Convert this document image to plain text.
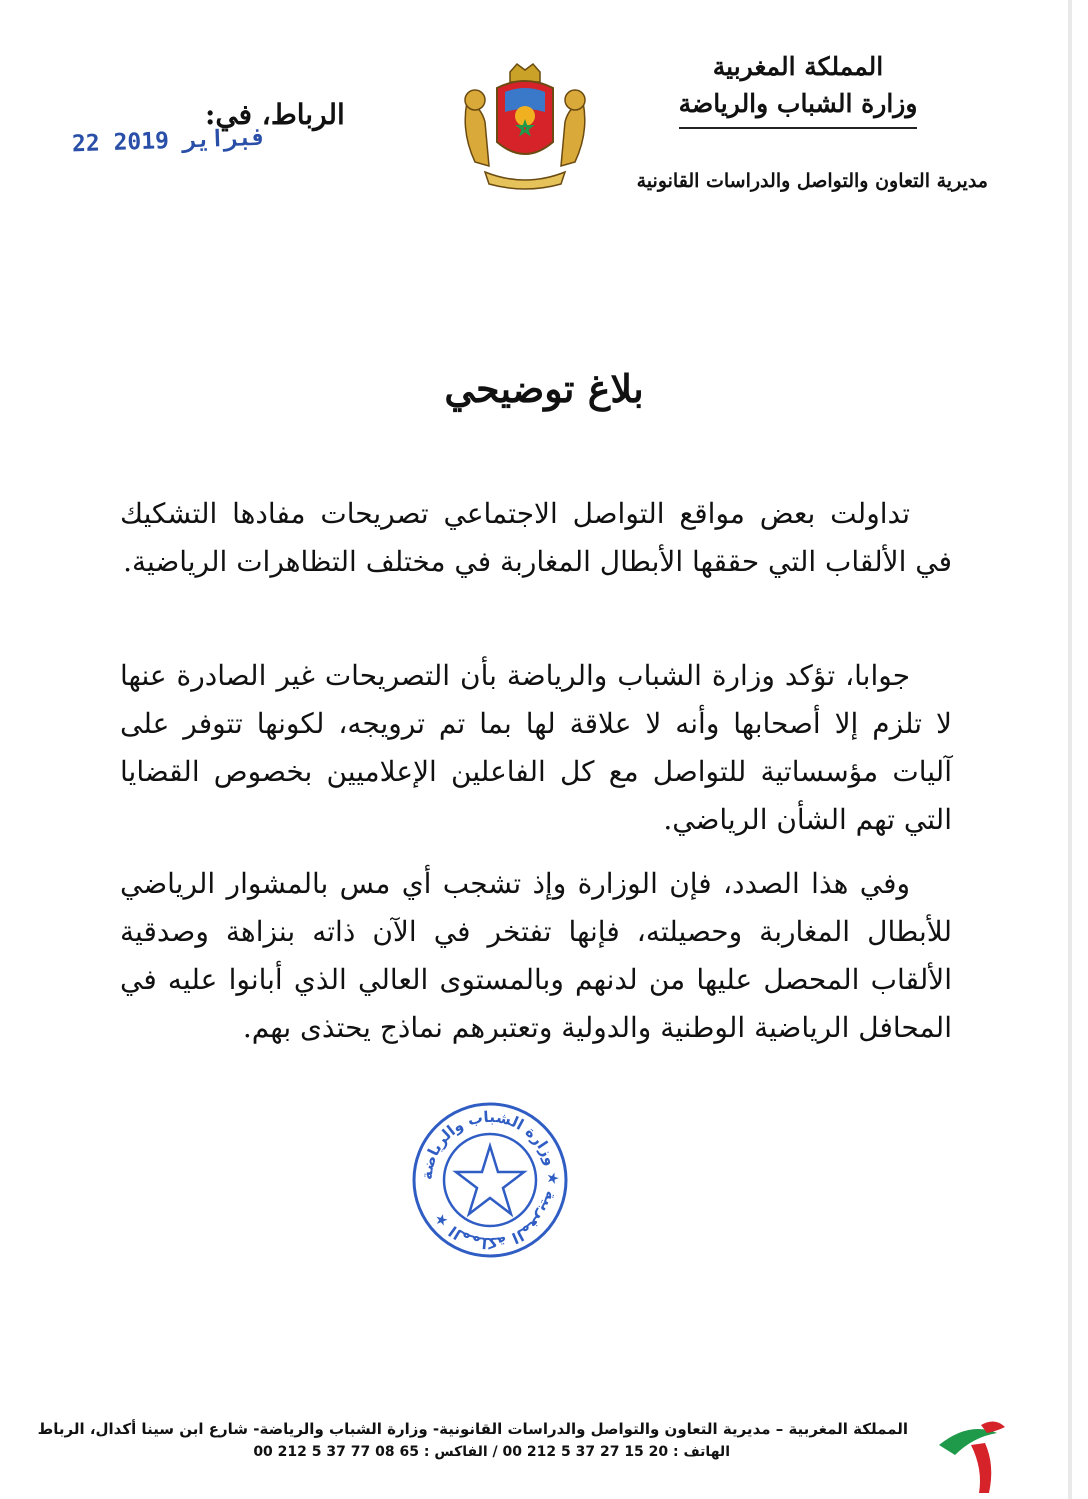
المملكة المغربية
وزارة الشباب والرياضة
مديرية التعاون والتواصل والدراسات القانونية
الرباط، في:
22 فبراير 2019
بلاغ توضيحي

تداولت بعض مواقع التواصل الاجتماعي تصريحات مفادها التشكيك في الألقاب التي حققها الأبطال المغاربة في مختلف التظاهرات الرياضية.

جوابا، تؤكد وزارة الشباب والرياضة بأن التصريحات غير الصادرة عنها لا تلزم إلا أصحابها وأنه لا علاقة لها بما تم ترويجه، لكونها تتوفر على آليات مؤسساتية للتواصل مع كل الفاعلين الإعلاميين بخصوص القضايا التي تهم الشأن الرياضي.

وفي هذا الصدد، فإن الوزارة وإذ تشجب أي مس بالمشوار الرياضي للأبطال المغاربة وحصيلته، فإنها تفتخر في الآن ذاته بنزاهة وصدقية الألقاب المحصل عليها من لدنهم وبالمستوى العالي الذي أبانوا عليه في المحافل الرياضية الوطنية والدولية وتعتبرهم نماذج يحتذى بهم.

المملكة المغربية ★ وزارة الشباب والرياضة ★
المملكة المغربية – مديرية التعاون والتواصل والدراسات القانونية- وزارة الشباب والرياضة- شارع ابن سينا أكدال، الرباط
الهاتف : 20 15 27 37 5 212 00 / الفاكس : 65 08 77 37 5 212 00
